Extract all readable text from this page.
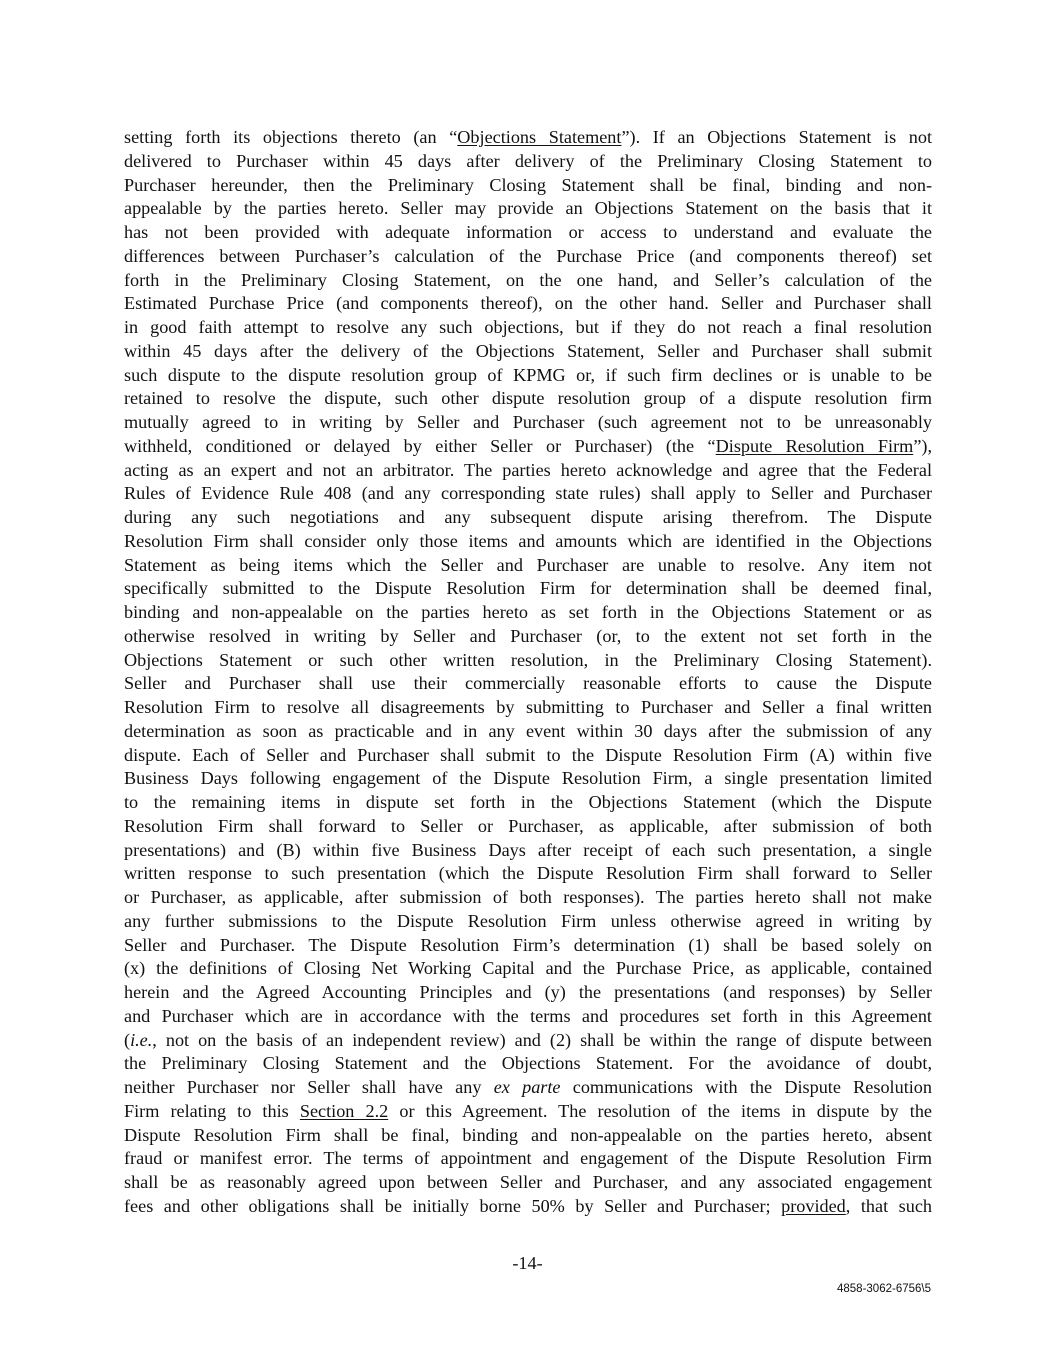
setting forth its objections thereto (an “Objections Statement”). If an Objections Statement is not
delivered to Purchaser within 45 days after delivery of the Preliminary Closing Statement to
Purchaser hereunder, then the Preliminary Closing Statement shall be final, binding and non-
appealable by the parties hereto. Seller may provide an Objections Statement on the basis that it
has not been provided with adequate information or access to understand and evaluate the
differences between Purchaser’s calculation of the Purchase Price (and components thereof) set
forth in the Preliminary Closing Statement, on the one hand, and Seller’s calculation of the
Estimated Purchase Price (and components thereof), on the other hand. Seller and Purchaser shall
in good faith attempt to resolve any such objections, but if they do not reach a final resolution
within 45 days after the delivery of the Objections Statement, Seller and Purchaser shall submit
such dispute to the dispute resolution group of KPMG or, if such firm declines or is unable to be
retained to resolve the dispute, such other dispute resolution group of a dispute resolution firm
mutually agreed to in writing by Seller and Purchaser (such agreement not to be unreasonably
withheld, conditioned or delayed by either Seller or Purchaser) (the “Dispute Resolution Firm”),
acting as an expert and not an arbitrator. The parties hereto acknowledge and agree that the Federal
Rules of Evidence Rule 408 (and any corresponding state rules) shall apply to Seller and Purchaser
during any such negotiations and any subsequent dispute arising therefrom. The Dispute
Resolution Firm shall consider only those items and amounts which are identified in the Objections
Statement as being items which the Seller and Purchaser are unable to resolve. Any item not
specifically submitted to the Dispute Resolution Firm for determination shall be deemed final,
binding and non-appealable on the parties hereto as set forth in the Objections Statement or as
otherwise resolved in writing by Seller and Purchaser (or, to the extent not set forth in the
Objections Statement or such other written resolution, in the Preliminary Closing Statement).
Seller and Purchaser shall use their commercially reasonable efforts to cause the Dispute
Resolution Firm to resolve all disagreements by submitting to Purchaser and Seller a final written
determination as soon as practicable and in any event within 30 days after the submission of any
dispute. Each of Seller and Purchaser shall submit to the Dispute Resolution Firm (A) within five
Business Days following engagement of the Dispute Resolution Firm, a single presentation limited
to the remaining items in dispute set forth in the Objections Statement (which the Dispute
Resolution Firm shall forward to Seller or Purchaser, as applicable, after submission of both
presentations) and (B) within five Business Days after receipt of each such presentation, a single
written response to such presentation (which the Dispute Resolution Firm shall forward to Seller
or Purchaser, as applicable, after submission of both responses). The parties hereto shall not make
any further submissions to the Dispute Resolution Firm unless otherwise agreed in writing by
Seller and Purchaser. The Dispute Resolution Firm’s determination (1) shall be based solely on
(x) the definitions of Closing Net Working Capital and the Purchase Price, as applicable, contained
herein and the Agreed Accounting Principles and (y) the presentations (and responses) by Seller
and Purchaser which are in accordance with the terms and procedures set forth in this Agreement
(i.e., not on the basis of an independent review) and (2) shall be within the range of dispute between
the Preliminary Closing Statement and the Objections Statement. For the avoidance of doubt,
neither Purchaser nor Seller shall have any ex parte communications with the Dispute Resolution
Firm relating to this Section 2.2 or this Agreement. The resolution of the items in dispute by the
Dispute Resolution Firm shall be final, binding and non-appealable on the parties hereto, absent
fraud or manifest error. The terms of appointment and engagement of the Dispute Resolution Firm
shall be as reasonably agreed upon between Seller and Purchaser, and any associated engagement
fees and other obligations shall be initially borne 50% by Seller and Purchaser; provided, that such
-14-
4858-3062-6756\5
